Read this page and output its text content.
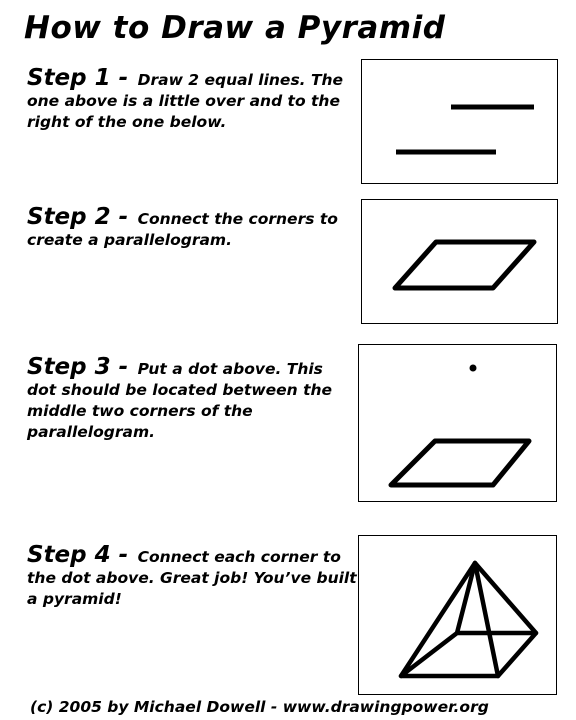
How to Draw a Pyramid
Step 1 - Draw 2 equal lines. The one above is a little over and to the right of the one below.
Step 2 - Connect the corners to create a parallelogram.
Step 3 - Put a dot above. This dot should be located between the middle two corners of the parallelogram.
Step 4 - Connect each corner to the dot above. Great job! You’ve built a pyramid!
(c) 2005 by Michael Dowell - www.drawingpower.org
